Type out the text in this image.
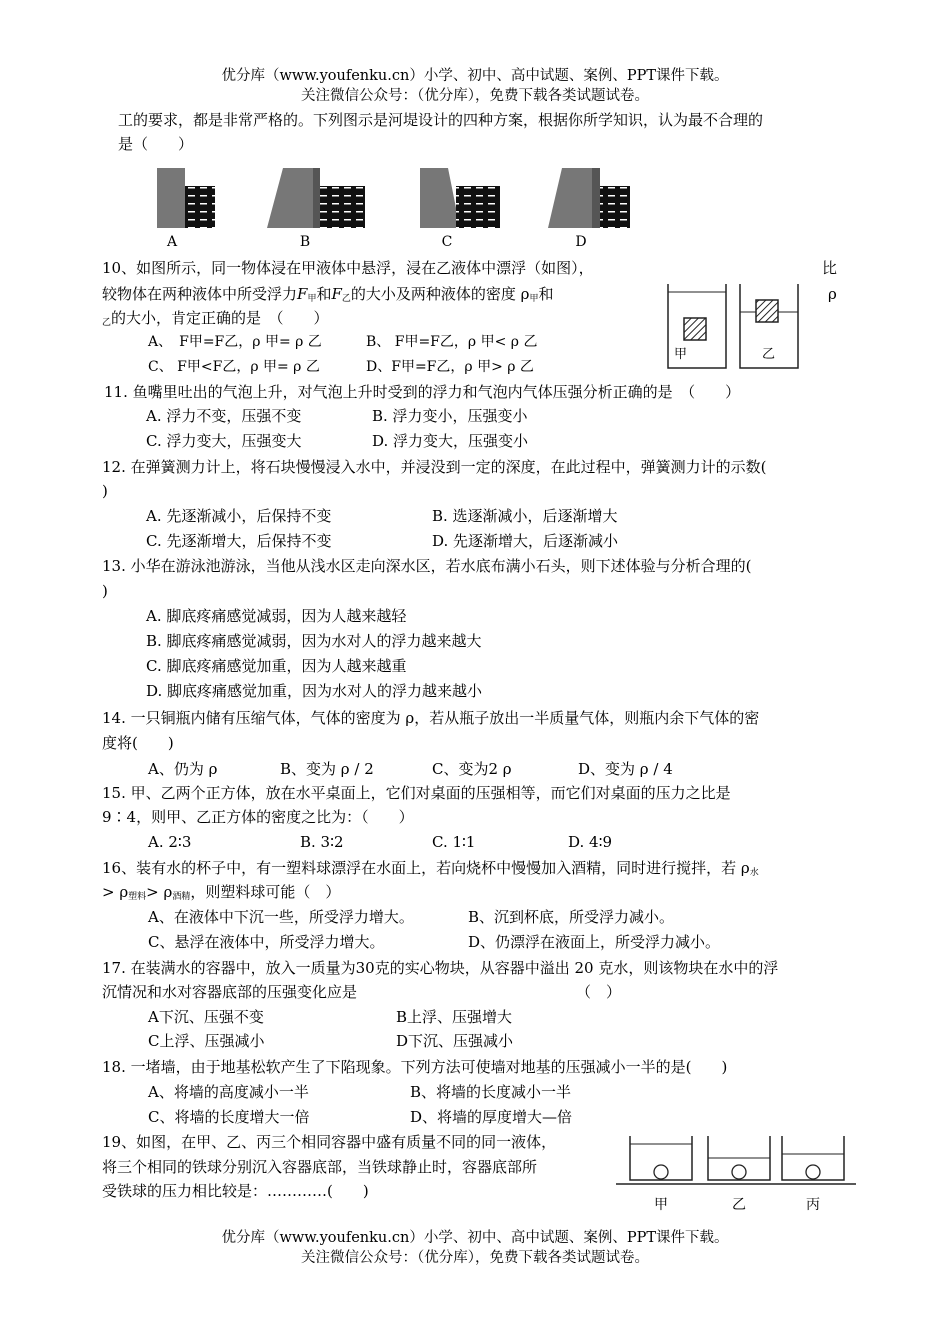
优分库（www.youfenku.cn）小学、初中、高中试题、案例、PPT课件下载。
关注微信公众号：（优分库），免费下载各类试题试卷。
工的要求，都是非常严格的。下列图示是河堤设计的四种方案，根据你所学知识，认为最不合理的
是（　　）
A	B	C	D
10、如图所示，同一物体浸在甲液体中悬浮，浸在乙液体中漂浮（如图），	比
较物体在两种液体中所受浮力$F_甲$和$F_乙$的大小及两种液体的密度 $\rho_甲$和	ρ
$_乙$的大小，肯定正确的是　（　　）
A、　F甲=F乙，ρ 甲= ρ 乙	B、 F甲=F乙，ρ 甲< ρ 乙
C、 F甲<F乙，ρ 甲= ρ 乙	D、F甲=F乙，ρ 甲> ρ 乙
甲	乙
11. 鱼嘴里吐出的气泡上升，对气泡上升时受到的浮力和气泡内气体压强分析正确的是　（　　）
A. 浮力不变，压强不变	B. 浮力变小，压强变小
C. 浮力变大，压强变大	D. 浮力变大，压强变小
12. 在弹簧测力计上，将石块慢慢浸入水中，并浸没到一定的深度，在此过程中，弹簧测力计的示数(
)
A. 先逐渐减小，后保持不变	B. 选逐渐减小，后逐渐增大
C. 先逐渐增大，后保持不变	D. 先逐渐增大，后逐渐减小
13. 小华在游泳池游泳，当他从浅水区走向深水区，若水底布满小石头，则下述体验与分析合理的(
)
A. 脚底疼痛感觉减弱，因为人越来越轻
B. 脚底疼痛感觉减弱，因为水对人的浮力越来越大
C. 脚底疼痛感觉加重，因为人越来越重
D. 脚底疼痛感觉加重，因为水对人的浮力越来越小
14. 一只铜瓶内储有压缩气体，气体的密度为 ρ，若从瓶子放出一半质量气体，则瓶内余下气体的密
度将(　　)
A、仍为 ρ	B、变为 ρ / 2	C、变为2 ρ	D、变为 ρ / 4
15. 甲、乙两个正方体，放在水平桌面上，它们对桌面的压强相等，而它们对桌面的压力之比是
9∶4，则甲、乙正方体的密度之比为：（　　）
A. 2∶3	B. 3∶2	C. 1∶1	D. 4∶9
16、装有水的杯子中，有一塑料球漂浮在水面上，若向烧杯中慢慢加入酒精，同时进行搅拌，若 $\rho_水$
> $\rho_{塑料}> \rho_{酒精}$，则塑料球可能（　）
A、在液体中下沉一些，所受浮力增大。	B、沉到杯底，所受浮力减小。
C、悬浮在液体中，所受浮力增大。	D、仍漂浮在液面上，所受浮力减小。
17. 在装满水的容器中，放入一质量为30克的实心物块，从容器中溢出 20 克水，则该物块在水中的浮
沉情况和水对容器底部的压强变化应是	（　）
A下沉、压强不变	B上浮、压强增大
C上浮、压强减小	D下沉、压强减小
18. 一堵墙，由于地基松软产生了下陷现象。下列方法可使墙对地基的压强减小一半的是(　　)
A、将墙的高度减小一半	B、将墙的长度减小一半
C、将墙的长度增大一倍	D、将墙的厚度增大—倍
19、如图，在甲、乙、丙三个相同容器中盛有质量不同的同一液体，
将三个相同的铁球分别沉入容器底部，当铁球静止时，容器底部所
受铁球的压力相比较是：…………(　　)
甲	乙	丙
优分库（www.youfenku.cn）小学、初中、高中试题、案例、PPT课件下载。
关注微信公众号：（优分库），免费下载各类试题试卷。
